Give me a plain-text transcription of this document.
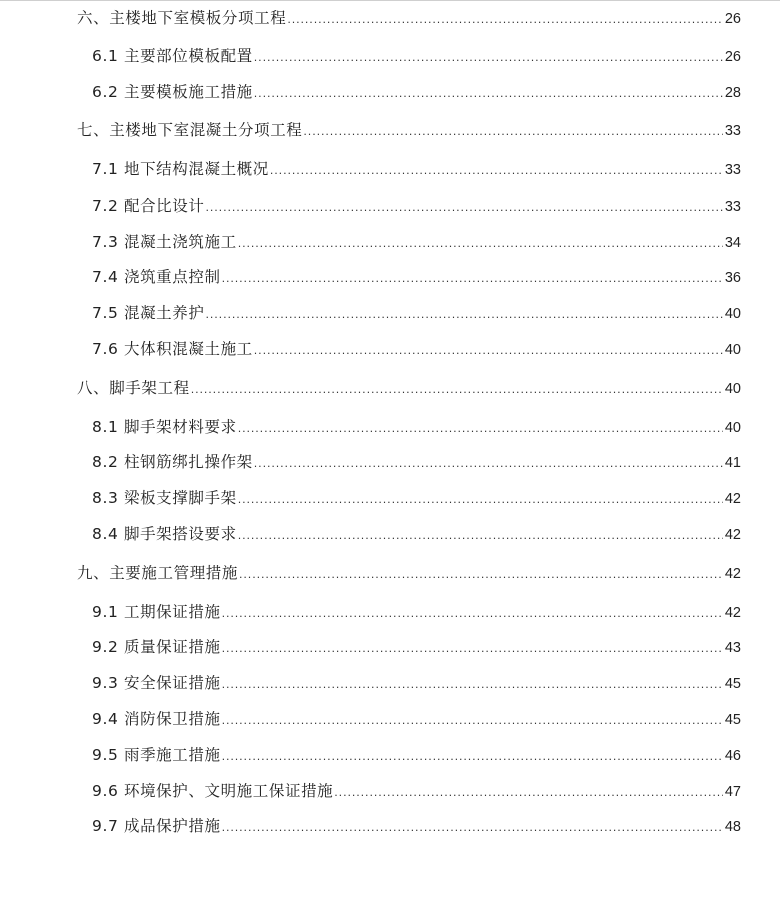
六、主楼地下室模板分项工程 .....	26
6.1 主要部位模板配置 .....	26
6.2 主要模板施工措施 .....	28
七、主楼地下室混凝土分项工程 .....	33
7.1 地下结构混凝土概况 .....	33
7.2 配合比设计 .....	33
7.3 混凝土浇筑施工 .....	34
7.4 浇筑重点控制 .....	36
7.5 混凝土养护 .....	40
7.6 大体积混凝土施工 .....	40
八、脚手架工程 .....	40
8.1 脚手架材料要求 .....	40
8.2 柱钢筋绑扎操作架 .....	41
8.3 梁板支撑脚手架 .....	42
8.4 脚手架搭设要求 .....	42
九、主要施工管理措施 .....	42
9.1 工期保证措施 .....	42
9.2 质量保证措施 .....	43
9.3 安全保证措施 .....	45
9.4 消防保卫措施 .....	45
9.5 雨季施工措施 .....	46
9.6 环境保护、文明施工保证措施 .....	47
9.7 成品保护措施 .....	48
